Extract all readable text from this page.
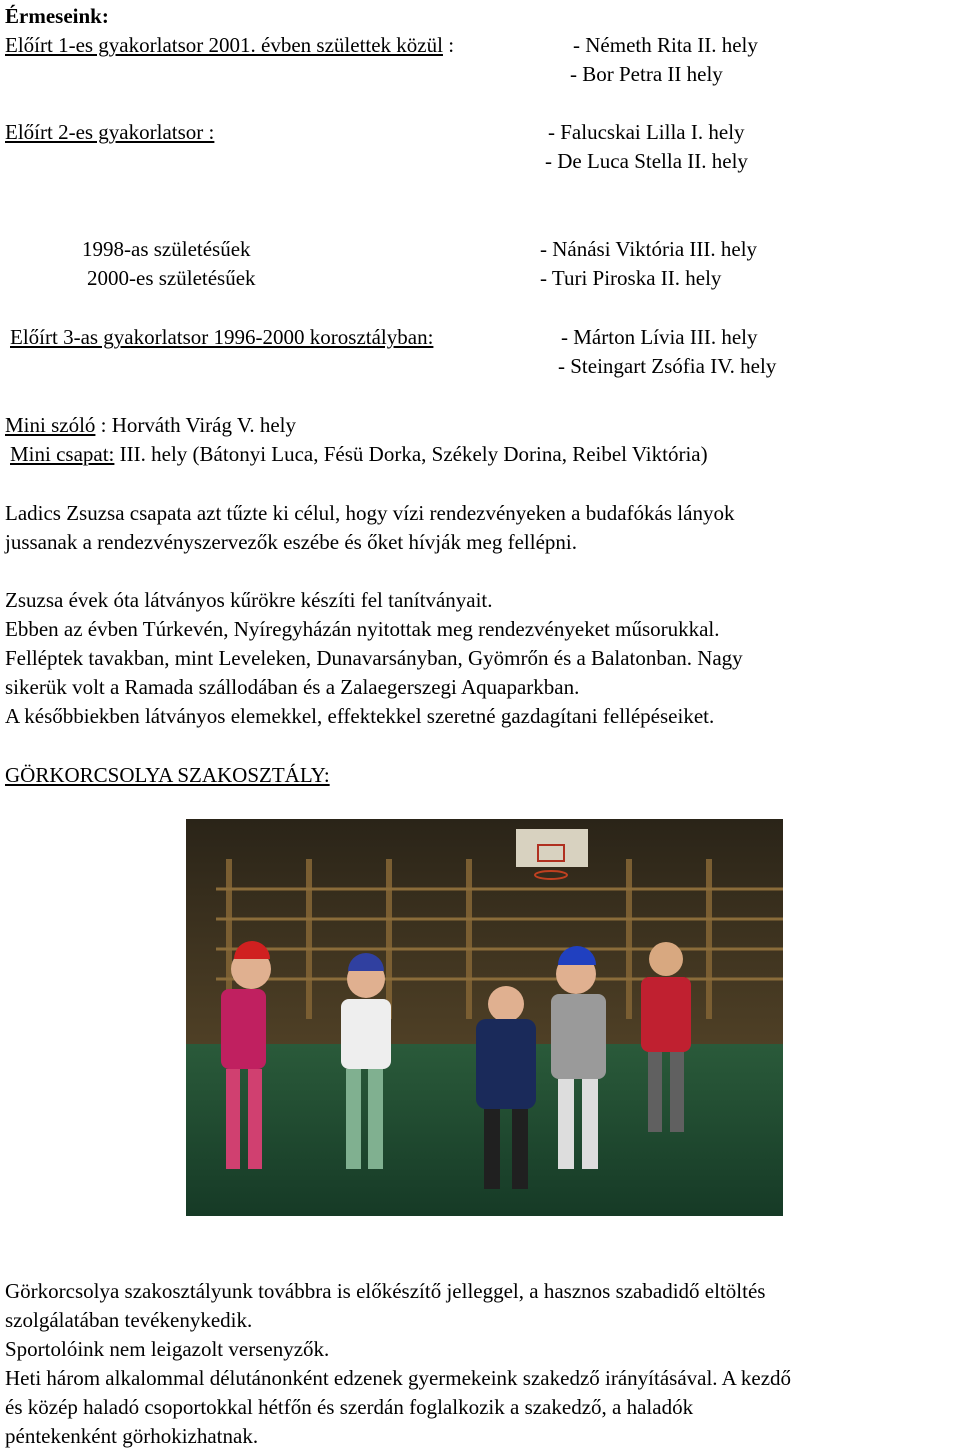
Érmeseink:
Előírt 1-es gyakorlatsor 2001. évben születtek közül :	- Németh Rita II. hely
- Bor Petra II hely
Előírt 2-es gyakorlatsor :	- Falucskai Lilla I. hely
- De Luca Stella II. hely
1998-as születésűek	- Nánási Viktória III. hely
2000-es születésűek	- Turi Piroska II. hely
Előírt 3-as gyakorlatsor 1996-2000 korosztályban:	- Márton Lívia III. hely
- Steingart Zsófia IV. hely
Mini szóló : Horváth Virág V. hely
Mini csapat: III. hely (Bátonyi Luca, Fésü Dorka, Székely Dorina, Reibel Viktória)
Ladics Zsuzsa csapata azt tűzte ki célul, hogy vízi rendezvényeken a budafókás lányok
jussanak a rendezvényszervezők eszébe és őket hívják meg fellépni.
Zsuzsa évek óta látványos kűrökre készíti fel tanítványait.
Ebben az évben Túrkevén, Nyíregyházán nyitottak meg rendezvényeket műsorukkal.
Felléptek tavakban, mint Leveleken, Dunavarsányban, Gyömrőn és a Balatonban. Nagy
sikerük volt a Ramada szállodában és a Zalaegerszegi Aquaparkban.
A későbbiekben látványos elemekkel, effektekkel szeretné gazdagítani fellépéseiket.
GÖRKORCSOLYA SZAKOSZTÁLY:
Görkorcsolya szakosztályunk továbbra is előkészítő jelleggel, a hasznos szabadidő eltöltés
szolgálatában tevékenykedik.
Sportolóink nem leigazolt versenyzők.
Heti három alkalommal délutánonként edzenek gyermekeink szakedző irányításával. A kezdő
és közép haladó csoportokkal hétfőn és szerdán foglalkozik a szakedző, a haladók
péntekenként görhokizhatnak.
